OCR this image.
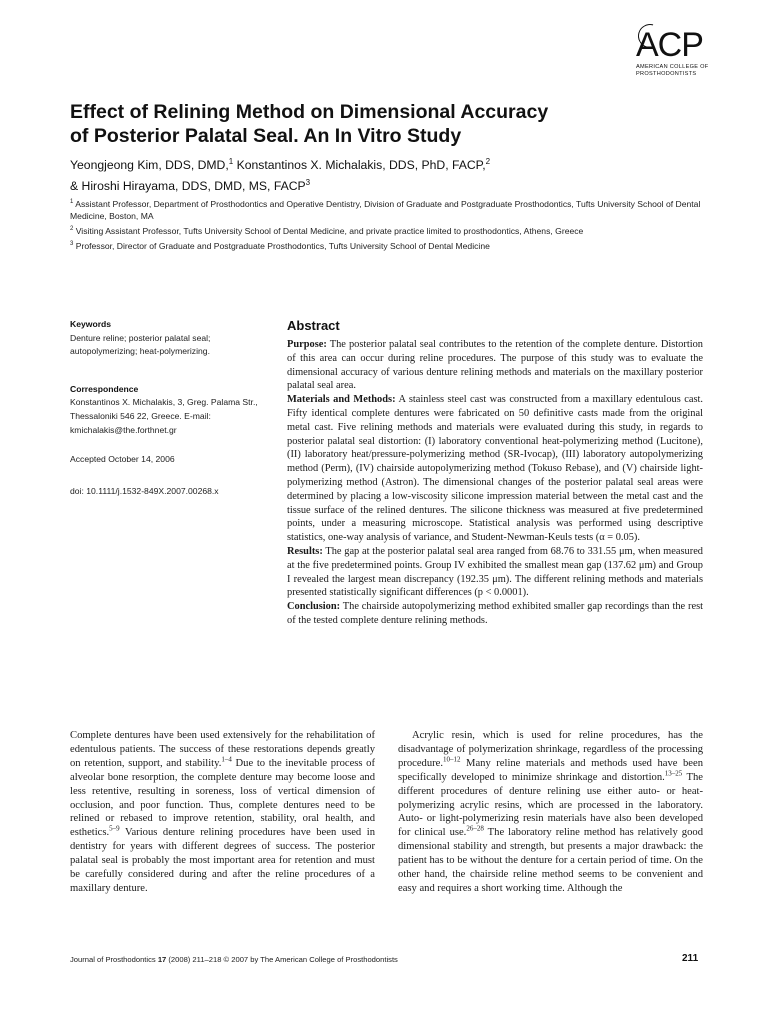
ACP
AMERICAN COLLEGE OF
PROSTHODONTISTS
Effect of Relining Method on Dimensional Accuracy
of Posterior Palatal Seal. An In Vitro Study
Yeongjeong Kim, DDS, DMD,$^1$ Konstantinos X. Michalakis, DDS, PhD, FACP,$^2$
& Hiroshi Hirayama, DDS, DMD, MS, FACP$^3$

$^1$ Assistant Professor, Department of Prosthodontics and Operative Dentistry, Division of Graduate and Postgraduate Prosthodontics, Tufts University School of Dental Medicine, Boston, MA

$^2$ Visiting Assistant Professor, Tufts University School of Dental Medicine, and private practice limited to prosthodontics, Athens, Greece

$^3$ Professor, Director of Graduate and Postgraduate Prosthodontics, Tufts University School of Dental Medicine

Keywords
Denture reline; posterior palatal seal; autopolymerizing; heat-polymerizing.
Correspondence
Konstantinos X. Michalakis, 3, Greg. Palama Str., Thessaloniki 546 22, Greece. E-mail: kmichalakis@the.forthnet.gr
Accepted October 14, 2006
doi: 10.1111/j.1532-849X.2007.00268.x
Abstract

Purpose: The posterior palatal seal contributes to the retention of the complete denture. Distortion of this area can occur during reline procedures. The purpose of this study was to evaluate the dimensional accuracy of various denture relining methods and materials on the maxillary posterior palatal seal area.

Materials and Methods: A stainless steel cast was constructed from a maxillary edentulous cast. Fifty identical complete dentures were fabricated on 50 definitive casts made from the original metal cast. Five relining methods and materials were evaluated during this study, in regards to posterior palatal seal distortion: (I) laboratory conventional heat-polymerizing method (Lucitone), (II) laboratory heat/pressure-polymerizing method (SR-Ivocap), (III) laboratory autopolymerizing method (Perm), (IV) chairside autopolymerizing method (Tokuso Rebase), and (V) chairside light-polymerizing method (Astron). The dimensional changes of the posterior palatal seal areas were determined by placing a low-viscosity silicone impression material between the metal cast and the tissue surface of the relined dentures. The silicone thickness was measured at five predetermined points, under a measuring microscope. Statistical analysis was performed using descriptive statistics, one-way analysis of variance, and Student-Newman-Keuls tests (α = 0.05).

Results: The gap at the posterior palatal seal area ranged from 68.76 to 331.55 μm, when measured at the five predetermined points. Group IV exhibited the smallest mean gap (137.62 μm) and Group I revealed the largest mean discrepancy (192.35 μm). The different relining methods and materials presented statistically significant differences (p < 0.0001).

Conclusion: The chairside autopolymerizing method exhibited smaller gap recordings than the rest of the tested complete denture relining methods.

Complete dentures have been used extensively for the rehabilitation of edentulous patients. The success of these restorations depends greatly on retention, support, and stability.$^{1-4}$ Due to the inevitable process of alveolar bone resorption, the complete denture may become loose and less retentive, resulting in soreness, loss of vertical dimension of occlusion, and poor function. Thus, complete dentures need to be relined or rebased to improve retention, stability, oral health, and esthetics.$^{5-9}$ Various denture relining procedures have been used in dentistry for years with different degrees of success. The posterior palatal seal is probably the most important area for retention and must be carefully considered during and after the reline procedures of a maxillary denture.

Acrylic resin, which is used for reline procedures, has the disadvantage of polymerization shrinkage, regardless of the processing procedure.$^{10-12}$ Many reline materials and methods used have been specifically developed to minimize shrinkage and distortion.$^{13-25}$ The different procedures of denture relining use either auto- or heat-polymerizing acrylic resins, which are processed in the laboratory. Auto- or light-polymerizing resin materials have also been developed for clinical use.$^{26-28}$ The laboratory reline method has relatively good dimensional stability and strength, but presents a major drawback: the patient has to be without the denture for a certain period of time. On the other hand, the chairside reline method seems to be convenient and easy and requires a short working time. Although the

Journal of Prosthodontics 17 (2008) 211–218 © 2007 by The American College of Prosthodontists	211
